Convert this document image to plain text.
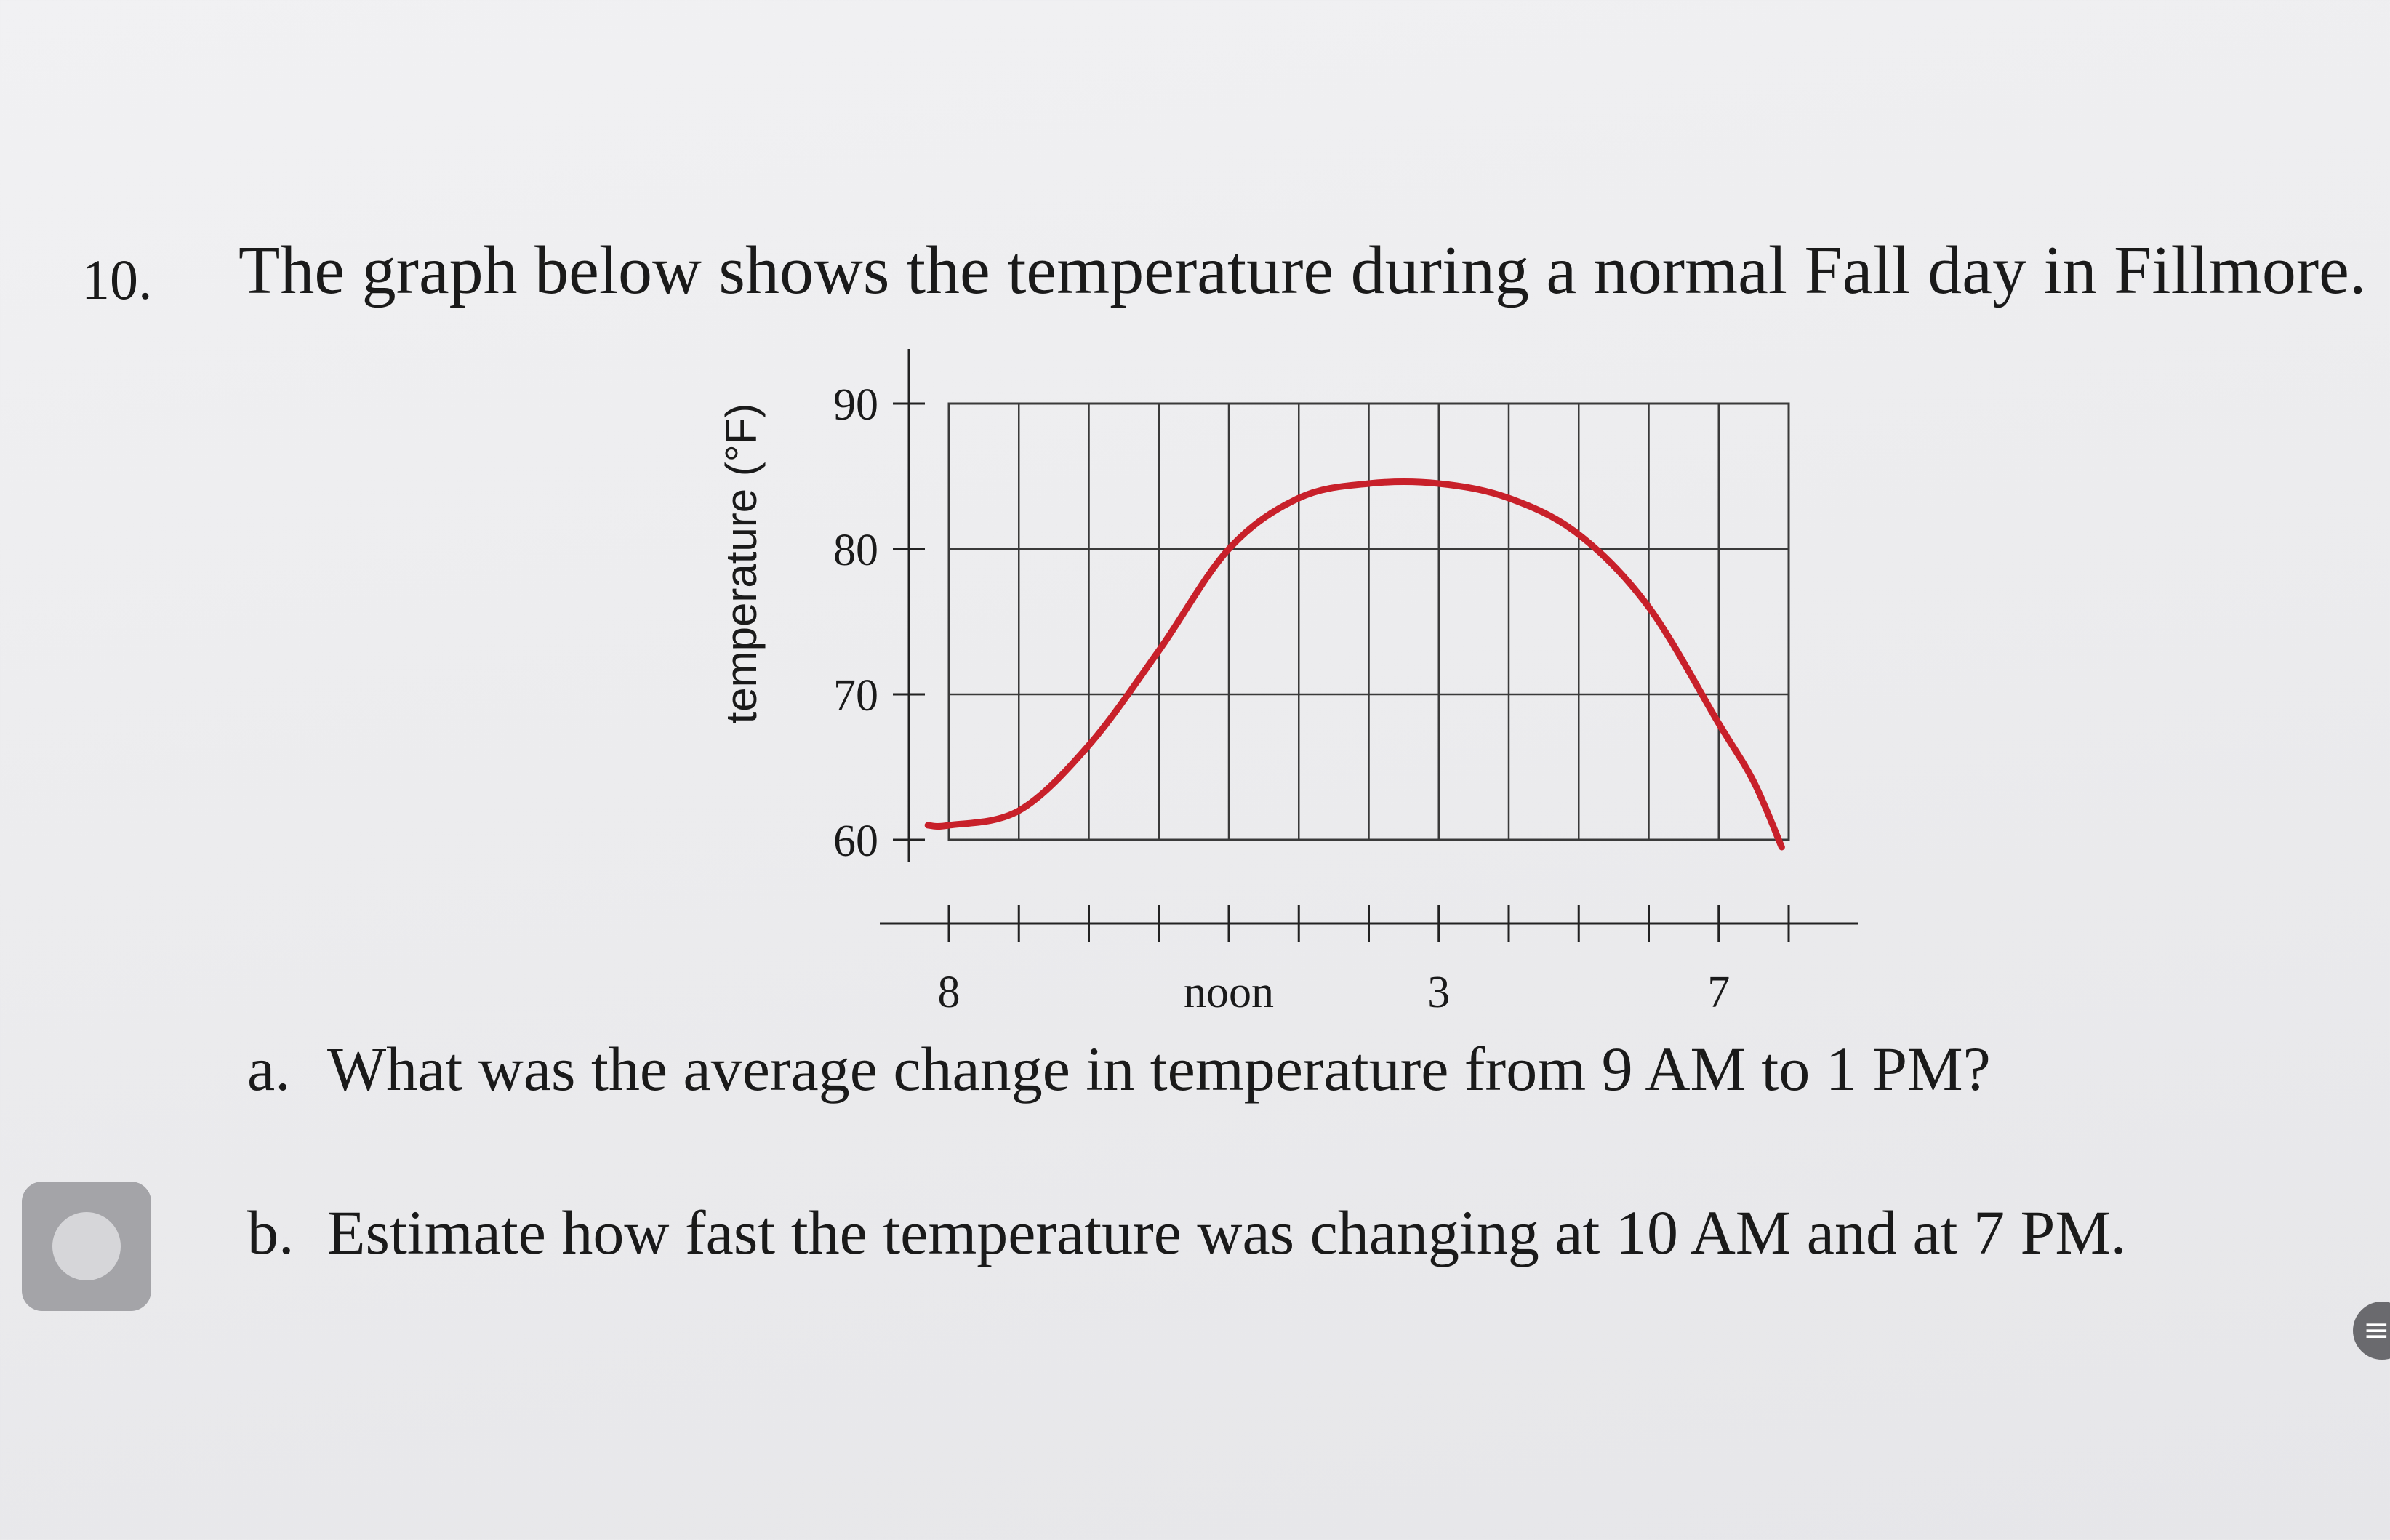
10. The graph below shows the temperature during a normal Fall day in Fillmore.
60
70
80
90
8	noon	3	7
temperature (°F)
a. What was the average change in temperature from 9 AM to 1 PM?
b. Estimate how fast the temperature was changing at 10 AM and at 7 PM.
≡
